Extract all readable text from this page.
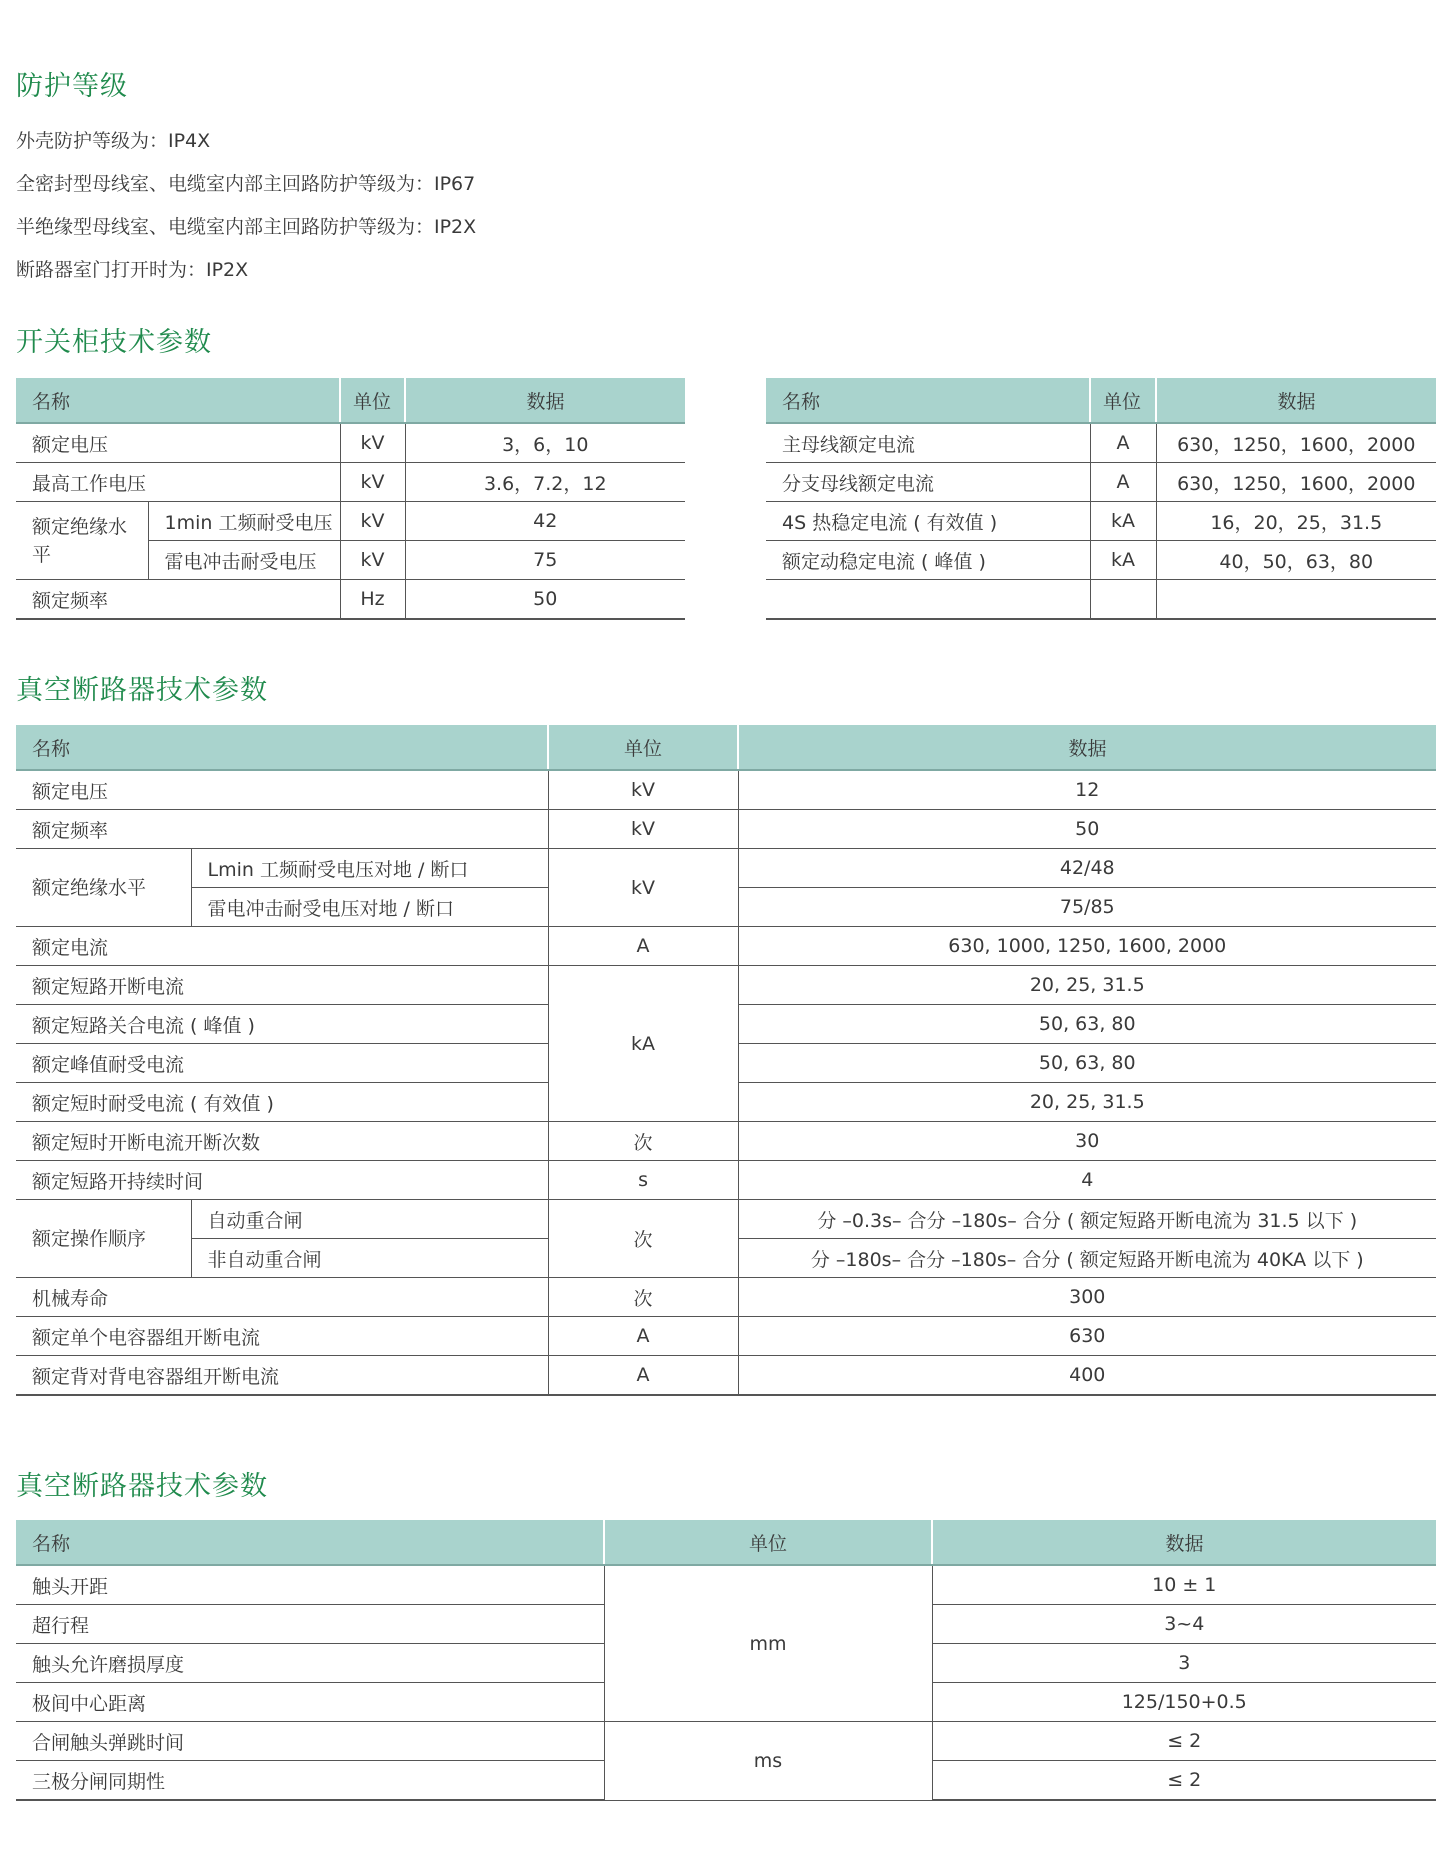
防护等级

外壳防护等级为：IP4X

全密封型母线室、电缆室内部主回路防护等级为：IP67

半绝缘型母线室、电缆室内部主回路防护等级为：IP2X

断路器室门打开时为：IP2X

开关柜技术参数
名称		单位	数据
额定电压		kV	3，6，10
最高工作电压		kV	3.6，7.2，12
额定绝缘水平	1min 工频耐受电压	kV	42
	雷电冲击耐受电压	kV	75
额定频率		Hz	50
名称	单位	数据
主母线额定电流	A	630，1250，1600，2000
分支母线额定电流	A	630，1250，1600，2000
4S 热稳定电流 ( 有效值 )	kA	16，20，25，31.5
额定动稳定电流 ( 峰值 )	kA	40，50，63，80

真空断路器技术参数
名称		单位	数据
额定电压		kV	12
额定频率		kV	50
额定绝缘水平	Lmin 工频耐受电压对地 / 断口	kV	42/48
	雷电冲击耐受电压对地 / 断口		75/85
额定电流		A	630, 1000, 1250, 1600, 2000
额定短路开断电流		kA	20, 25, 31.5
额定短路关合电流 ( 峰值 )			50, 63, 80
额定峰值耐受电流			50, 63, 80
额定短时耐受电流 ( 有效值 )			20, 25, 31.5
额定短时开断电流开断次数		次	30
额定短路开持续时间		s	4
额定操作顺序	自动重合闸	次	分 –0.3s– 合分 –180s– 合分 ( 额定短路开断电流为 31.5 以下 )
	非自动重合闸		分 –180s– 合分 –180s– 合分 ( 额定短路开断电流为 40KA 以下 )
机械寿命		次	300
额定单个电容器组开断电流		A	630
额定背对背电容器组开断电流		A	400
真空断路器技术参数
名称	单位	数据
触头开距	mm	10 ± 1
超行程		3~4
触头允许磨损厚度		3
极间中心距离		125/150+0.5
合闸触头弹跳时间	ms	≤ 2
三极分闸同期性		≤ 2
